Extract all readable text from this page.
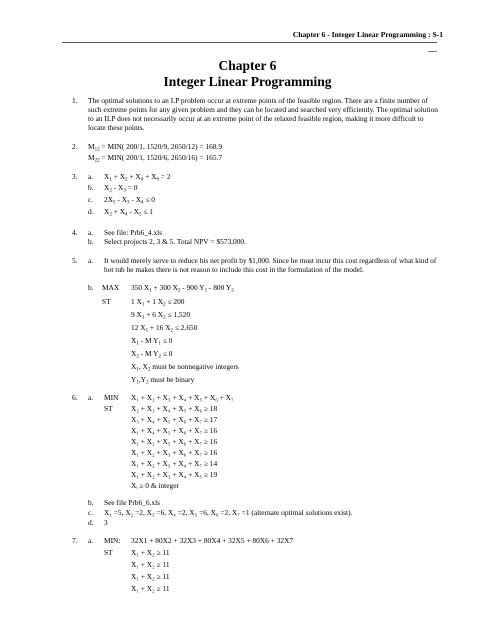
Chapter 6 - Integer Linear Programming : S-1
Chapter 6
Integer Linear Programming
1. The optimal solutions to an LP problem occur at extreme points of the feasible region. There are a finite number of such extreme points for any given problem and they can be located and searched very efficiently. The optimal solution to an ILP does not necessarily occur at an extreme point of the relaxed feasible region, making it more difficult to locate these points.
2. $M_{12} = MIN$( 200/1, 1520/9, 2650/12) = 168.9
$M_{22} = MIN$( 200/1, 1520/6, 2650/16) = 165.7
3. a. $X_1 + X_2 + X_4 + X_6 = 2$
b. $X_2 - X_3 = 0$
c. $2X_5 - X_3 - X_4 \le 0$
d. $X_2 + X_4 - X_5 \le 1$
4. a. See file: Prb6_4.xls
b. Select projects 2, 3 & 5. Total NPV = $573,000.
5. a. It would merely serve to reduce his net profit by $1,000. Since he must incur this cost regardless of what kind of hot tub he makes there is not reason to include this cost in the formulation of the model.
b. MAX 350 $X_1 + 300$ $X_2 - 900$ $Y_1 - 800$ $Y_2$
ST	1 $X_1 + 1$ $X_2 \le 200$
9 $X_1 + 6$ $X_2 \le 1,520$
12 $X_1 + 16$ $X_2 \le 2,650$
$X_1$ - M $Y_1 \le 0$
$X_2$ - M $Y_2 \le 0$
$X_1$, $X_2$ must be nonnegative integers
$Y_1,Y_2$ must be binary
6. a. MIN X₁ + X₂ + X₃ + X₄ + X₅ + X₆ + X₇
ST X₂ + X₃ + X₄ + X₅ + X₆ ≥ 18
X₃ + X₄ + X₅ + X₆ + X₇ ≥ 17
X₁ + X₄ + X₅ + X₆ + X₇ ≥ 16
X₁ + X₂ + X₅ + X₆ + X₇ ≥ 16
X₁ + X₂ + X₃ + X₆ + X₇ ≥ 16
X₁ + X₂ + X₃ + X₄ + X₇ ≥ 14
X₁ + X₂ + X₃ + X₄ + X₅ ≥ 19
Xᵢ ≥ 0 & integer
b. See file Prb6_6.xls
c. X₁ =5, X₂ =2, X₃ =6, X₄ =2, X₅ =6, X₆ =2, X₇ =1 (alternate optimal solutions exist).
d. 3
7. a. MIN: 32X1 + 80X2 + 32X3 + 80X4 + 32X5 + 80X6 + 32X7
ST X₁ + X₂ ≥ 11
X₁ + X₂ ≥ 11
X₁ + X₂ ≥ 11
X₁ + X₂ ≥ 11
